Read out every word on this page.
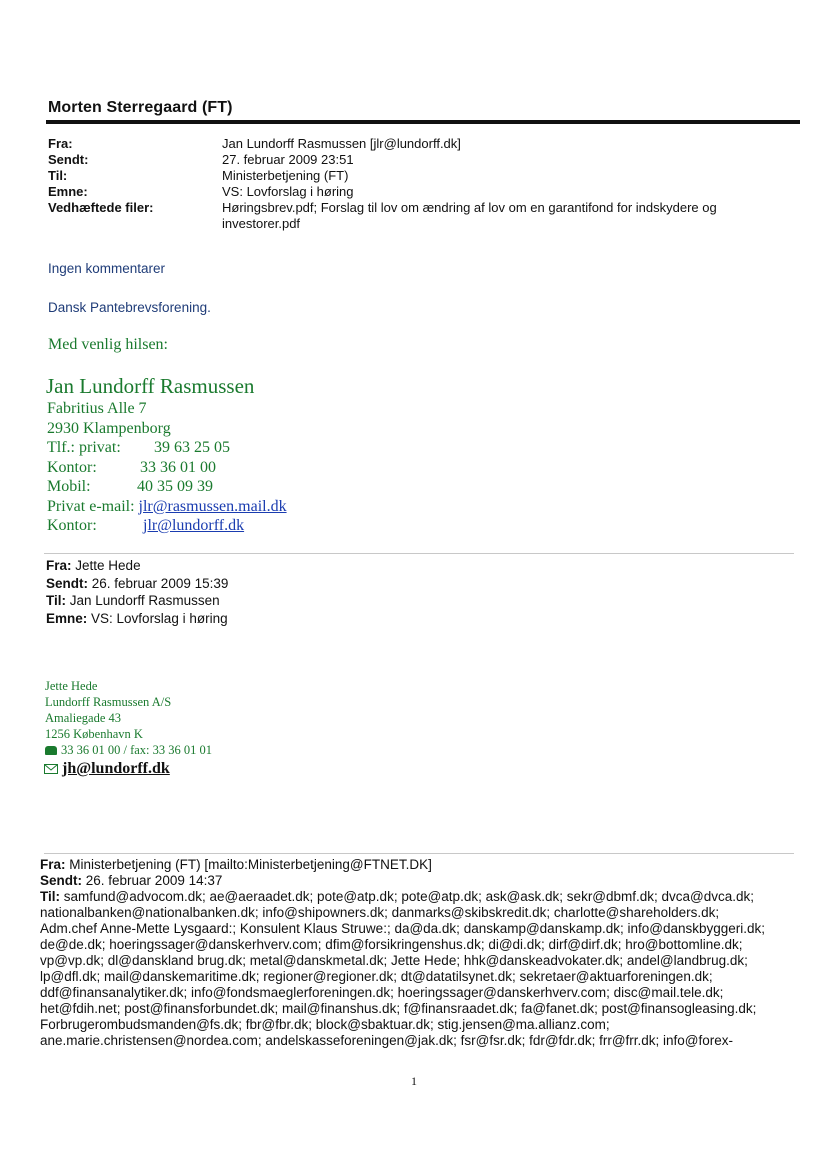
Morten Sterregaard (FT)
Fra:	Jan Lundorff Rasmussen [jlr@lundorff.dk]
Sendt:	27. februar 2009 23:51
Til:	Ministerbetjening (FT)
Emne:	VS: Lovforslag i høring
Vedhæftede filer:	Høringsbrev.pdf; Forslag til lov om ændring af lov om en garantifond for indskydere og investorer.pdf
Ingen kommentarer
Dansk Pantebrevsforening.
Med venlig hilsen:
Jan Lundorff Rasmussen
Fabritius Alle 7
2930 Klampenborg
Tlf.: privat:	39 63 25 05
Kontor:	33 36 01 00
Mobil:	40 35 09 39
Privat e-mail: jlr@rasmussen.mail.dk
Kontor:	jlr@lundorff.dk
Fra: Jette Hede
Sendt: 26. februar 2009 15:39
Til: Jan Lundorff Rasmussen
Emne: VS: Lovforslag i høring
Jette Hede
Lundorff Rasmussen A/S
Amaliegade 43
1256 København K
33 36 01 00 / fax: 33 36 01 01
jh@lundorff.dk
Fra: Ministerbetjening (FT) [mailto:Ministerbetjening@FTNET.DK]
Sendt: 26. februar 2009 14:37
Til: samfund@advocom.dk; ae@aeraadet.dk; pote@atp.dk; pote@atp.dk; ask@ask.dk; sekr@dbmf.dk; dvca@dvca.dk;
nationalbanken@nationalbanken.dk; info@shipowners.dk; danmarks@skibskredit.dk; charlotte@shareholders.dk;
Adm.chef Anne-Mette Lysgaard:; Konsulent Klaus Struwe:; da@da.dk; danskamp@danskamp.dk; info@danskbyggeri.dk;
de@de.dk; hoeringssager@danskerhverv.com; dfim@forsikringenshus.dk; di@di.dk; dirf@dirf.dk; hro@bottomline.dk;
vp@vp.dk; dl@danskland brug.dk; metal@danskmetal.dk; Jette Hede; hhk@danskeadvokater.dk; andel@landbrug.dk;
lp@dfl.dk; mail@danskemaritime.dk; regioner@regioner.dk; dt@datatilsynet.dk; sekretaer@aktuarforeningen.dk;
ddf@finansanalytiker.dk; info@fondsmaeglerforeningen.dk; hoeringssager@danskerhverv.com; disc@mail.tele.dk;
het@fdih.net; post@finansforbundet.dk; mail@finanshus.dk; f@finansraadet.dk; fa@fanet.dk; post@finansogleasing.dk;
Forbrugerombudsmanden@fs.dk; fbr@fbr.dk; block@sbaktuar.dk; stig.jensen@ma.allianz.com;
ane.marie.christensen@nordea.com; andelskasseforeningen@jak.dk; fsr@fsr.dk; fdr@fdr.dk; frr@frr.dk; info@forex-
1
